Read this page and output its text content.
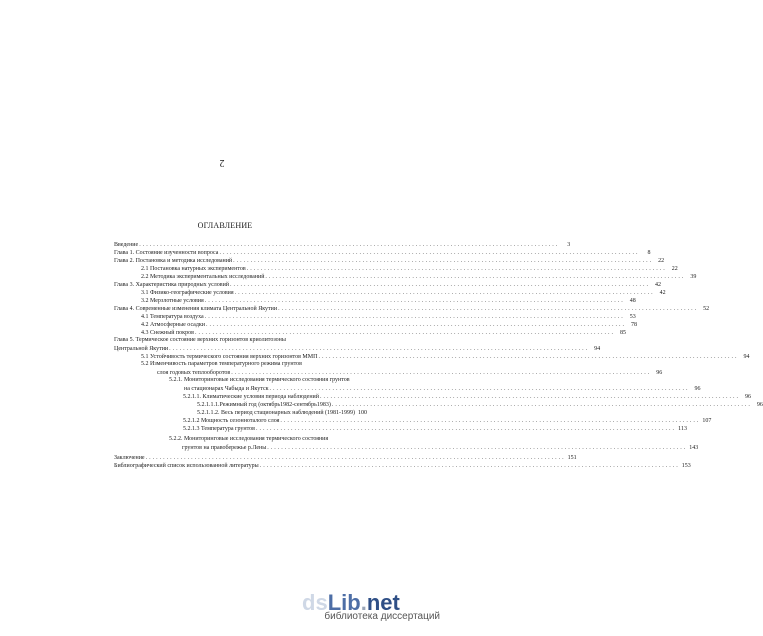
2
ОГЛАВЛЕНИЕ
Введение ........................................................................................................................	3
Глава 1. Состояние изученности вопроса ........................................................................................................................	8
Глава 2. Постановка и методика исследований ........................................................................................................................ 22
2.1 Постановка натурных экспериментов ........................................................................................................................ 22
2.2 Методика экспериментальных исследований ........................................................................................................................ 39
Глава 3. Характеристика природных условий ........................................................................................................................ 42
3.1 Физико-географические условия ........................................................................................................................ 42
3.2 Мерзлотные условия ........................................................................................................................ 48
Глава 4. Современные изменения климата Центральной Якутии ........................................................................................................................ 52
4.1 Температура воздуха ........................................................................................................................ 53
4.2 Атмосферные осадки ........................................................................................................................ 78
4.3 Снежный покров ........................................................................................................................ 85
Глава 5. Термическое состояние верхних горизонтов криолитозоны
Центральной Якутии ........................................................................................................................ 94
5.1 Устойчивость термического состояния верхних горизонтов ММП ........................................................................................................................ 94
5.2 Изменчивость параметров температурного режима грунтов
слоя годовых теплооборотов ........................................................................................................................ 96
5.2.1. Мониторинговые исследования термического состояния грунтов
на стационарах Чабыда и Якутск ........................................................................................................................ 96
5.2.1.1. Климатические условия периода наблюдений ........................................................................................................................ 96
5.2.1.1.1.Режимный год (октябрь1982-сентябрь1983) ........................................................................................................................ 96
5.2.1.1.2. Весь период стационарных наблюдений (1981-1999) 100
5.2.1.2 Мощность сезонноталого слоя ........................................................................................................................ 107
5.2.1.3 Температура грунтов ........................................................................................................................ 113
5.2.2. Мониторинговые исследования термического состояния
грунтов на правобережье р.Лены ........................................................................................................................ 143
Заключение ........................................................................................................................ 151
Библиографический список использованной литературы ........................................................................................................................ 153
dsLib.net
библиотека диссертаций
